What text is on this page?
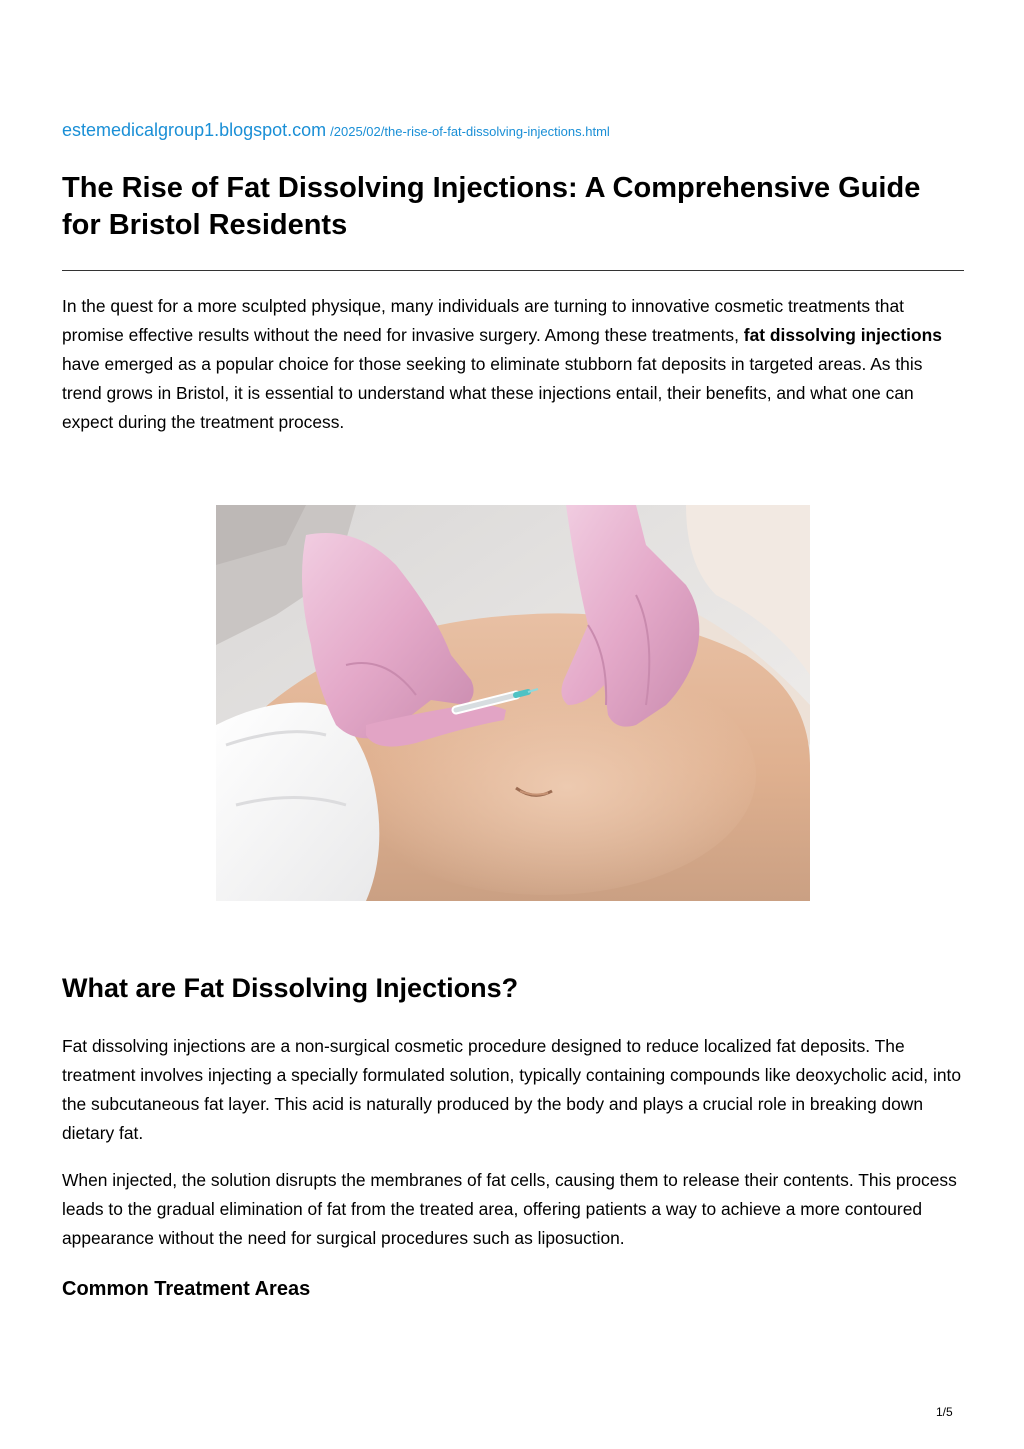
estemedicalgroup1.blogspot.com /2025/02/the-rise-of-fat-dissolving-injections.html
The Rise of Fat Dissolving Injections: A Comprehensive Guide for Bristol Residents

In the quest for a more sculpted physique, many individuals are turning to innovative cosmetic treatments that promise effective results without the need for invasive surgery. Among these treatments, fat dissolving injections have emerged as a popular choice for those seeking to eliminate stubborn fat deposits in targeted areas. As this trend grows in Bristol, it is essential to understand what these injections entail, their benefits, and what one can expect during the treatment process.

What are Fat Dissolving Injections?

Fat dissolving injections are a non-surgical cosmetic procedure designed to reduce localized fat deposits. The treatment involves injecting a specially formulated solution, typically containing compounds like deoxycholic acid, into the subcutaneous fat layer. This acid is naturally produced by the body and plays a crucial role in breaking down dietary fat.

When injected, the solution disrupts the membranes of fat cells, causing them to release their contents. This process leads to the gradual elimination of fat from the treated area, offering patients a way to achieve a more contoured appearance without the need for surgical procedures such as liposuction.

Common Treatment Areas
1/5
